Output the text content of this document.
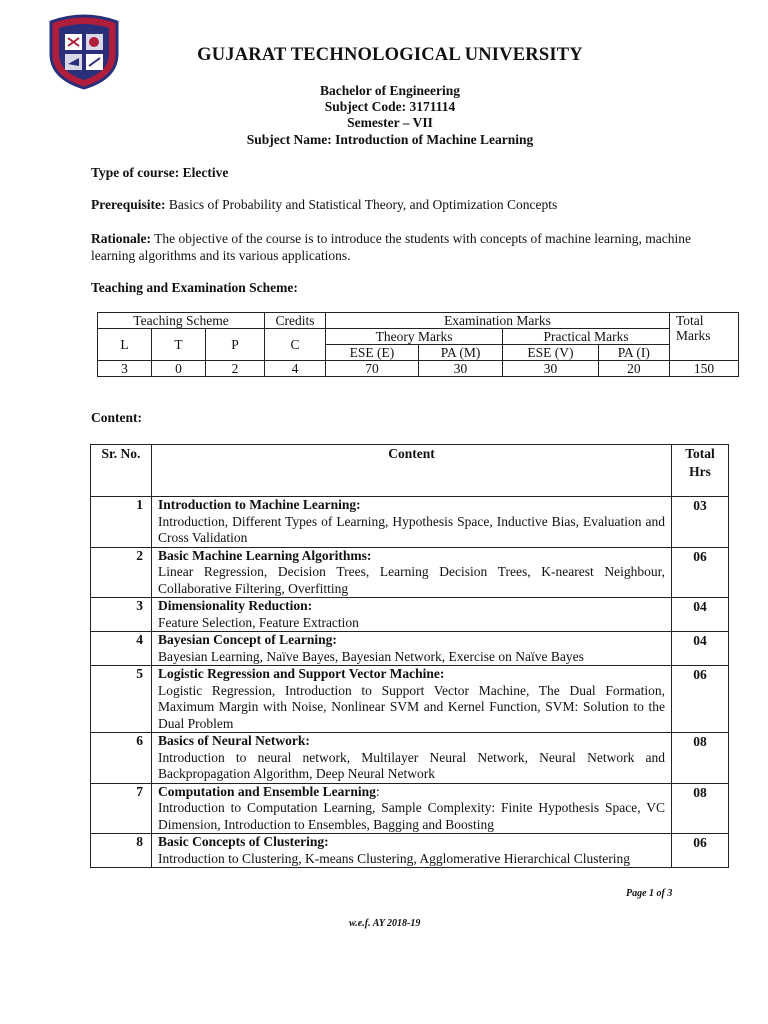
GUJARAT TECHNOLOGICAL UNIVERSITY
Bachelor of Engineering
Subject Code: 3171114
Semester – VII
Subject Name: Introduction of Machine Learning
Type of course: Elective
Prerequisite: Basics of Probability and Statistical Theory, and Optimization Concepts
Rationale: The objective of the course is to introduce the students with concepts of machine learning, machine learning algorithms and its various applications.
Teaching and Examination Scheme:
Teaching Scheme			Credits	Examination Marks				Total Marks
L	T	P	C	Theory Marks		Practical Marks		
				ESE (E)	PA (M)	ESE (V)	PA (I)	
3	0	2	4	70	30	30	20	150
Content:
Sr. No.	Content	Total Hrs
1	Introduction to Machine Learning:
Introduction, Different Types of Learning, Hypothesis Space, Inductive Bias, Evaluation and Cross Validation	03
2	Basic Machine Learning Algorithms:
Linear Regression, Decision Trees, Learning Decision Trees, K-nearest Neighbour, Collaborative Filtering, Overfitting	06
3	Dimensionality Reduction:
Feature Selection, Feature Extraction	04
4	Bayesian Concept of Learning:
Bayesian Learning, Naïve Bayes, Bayesian Network, Exercise on Naïve Bayes	04
5	Logistic Regression and Support Vector Machine:
Logistic Regression, Introduction to Support Vector Machine, The Dual Formation, Maximum Margin with Noise, Nonlinear SVM and Kernel Function, SVM: Solution to the Dual Problem	06
6	Basics of Neural Network:
Introduction to neural network, Multilayer Neural Network, Neural Network and Backpropagation Algorithm, Deep Neural Network	08
7	Computation and Ensemble Learning:
Introduction to Computation Learning, Sample Complexity: Finite Hypothesis Space, VC Dimension, Introduction to Ensembles, Bagging and Boosting	08
8	Basic Concepts of Clustering:
Introduction to Clustering, K-means Clustering, Agglomerative Hierarchical Clustering	06
Page 1 of 3
w.e.f. AY 2018-19
